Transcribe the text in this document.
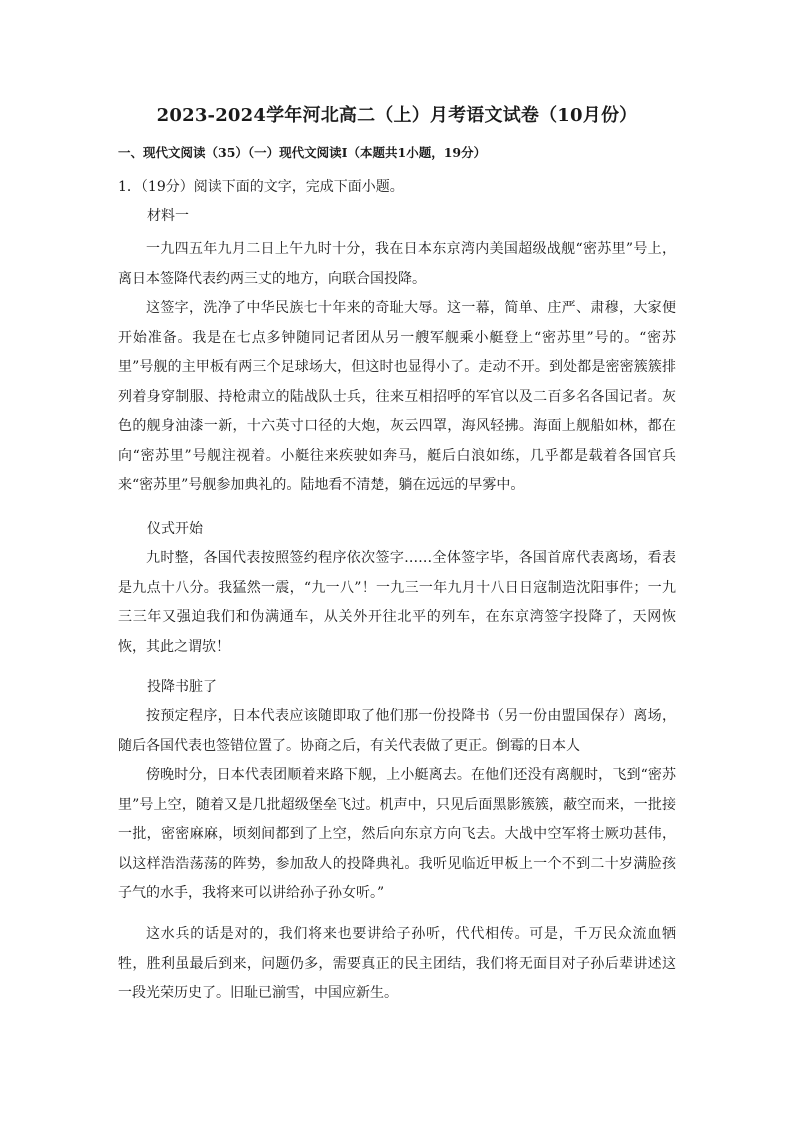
2023-2024学年河北高二（上）月考语文试卷（10月份）
一、现代文阅读（35）（一）现代文阅读Ⅰ（本题共1小题，19分）
1．（19分）阅读下面的文字，完成下面小题。
材料一

一九四五年九月二日上午九时十分，我在日本东京湾内美国超级战舰“密苏里”号上，离日本签降代表约两三丈的地方，向联合国投降。

这签字，洗净了中华民族七十年来的奇耻大辱。这一幕，简单、庄严、肃穆，大家便开始准备。我是在七点多钟随同记者团从另一艘军舰乘小艇登上“密苏里”号的。“密苏里”号舰的主甲板有两三个足球场大，但这时也显得小了。走动不开。到处都是密密簇簇排列着身穿制服、持枪肃立的陆战队士兵，往来互相招呼的军官以及二百多名各国记者。灰色的舰身油漆一新，十六英寸口径的大炮，灰云四罩，海风轻拂。海面上舰船如林，都在向“密苏里”号舰注视着。小艇往来疾驶如奔马，艇后白浪如练，几乎都是载着各国官兵来“密苏里”号舰参加典礼的。陆地看不清楚，躺在远远的早雾中。

仪式开始

九时整，各国代表按照签约程序依次签字……全体签字毕，各国首席代表离场，看表是九点十八分。我猛然一震，“九一八”！一九三一年九月十八日日寇制造沈阳事件；一九三三年又强迫我们和伪满通车，从关外开往北平的列车，在东京湾签字投降了，天网恢恢，其此之谓欤！

投降书脏了

按预定程序，日本代表应该随即取了他们那一份投降书（另一份由盟国保存）离场，随后各国代表也签错位置了。协商之后，有关代表做了更正。倒霉的日本人

傍晚时分，日本代表团顺着来路下舰，上小艇离去。在他们还没有离舰时，飞到“密苏里”号上空，随着又是几批超级堡垒飞过。机声中，只见后面黑影簇簇，蔽空而来，一批接一批，密密麻麻，顷刻间都到了上空，然后向东京方向飞去。大战中空军将士厥功甚伟，以这样浩浩荡荡的阵势，参加敌人的投降典礼。我听见临近甲板上一个不到二十岁满脸孩子气的水手，我将来可以讲给孙子孙女听。”

这水兵的话是对的，我们将来也要讲给子孙听，代代相传。可是，千万民众流血牺牲，胜利虽最后到来，问题仍多，需要真正的民主团结，我们将无面目对子孙后辈讲述这一段光荣历史了。旧耻已湔雪，中国应新生。
